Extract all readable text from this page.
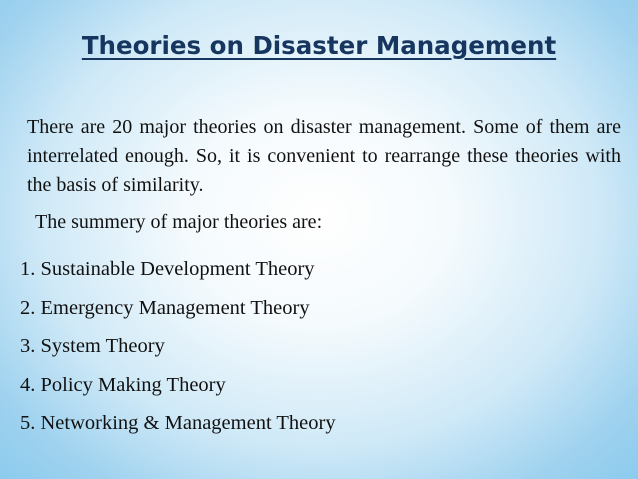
Theories on Disaster Management
There are 20 major theories on disaster management. Some of them are interrelated enough. So, it is convenient to rearrange these theories with the basis of similarity.
The summery of major theories are:
1. Sustainable Development Theory
2. Emergency Management Theory
3. System Theory
4. Policy Making Theory
5. Networking & Management Theory
